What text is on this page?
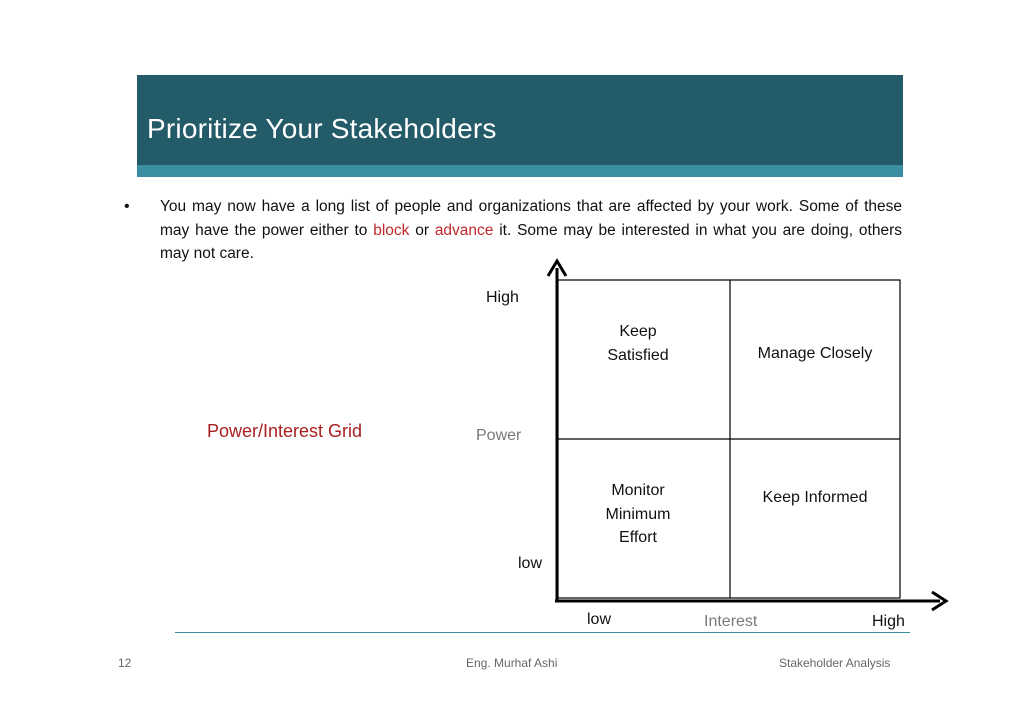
Prioritize Your Stakeholders
• You may now have a long list of people and organizations that are affected by your work. Some of these may have the power either to block or advance it. Some may be interested in what you are doing, others may not care.
Power/Interest Grid
High
Power
low
low	Interest	High
Keep
Satisfied	Manage Closely
Monitor
Minimum
Effort
Keep Informed
12	Eng. Murhaf Ashi	Stakeholder Analysis
